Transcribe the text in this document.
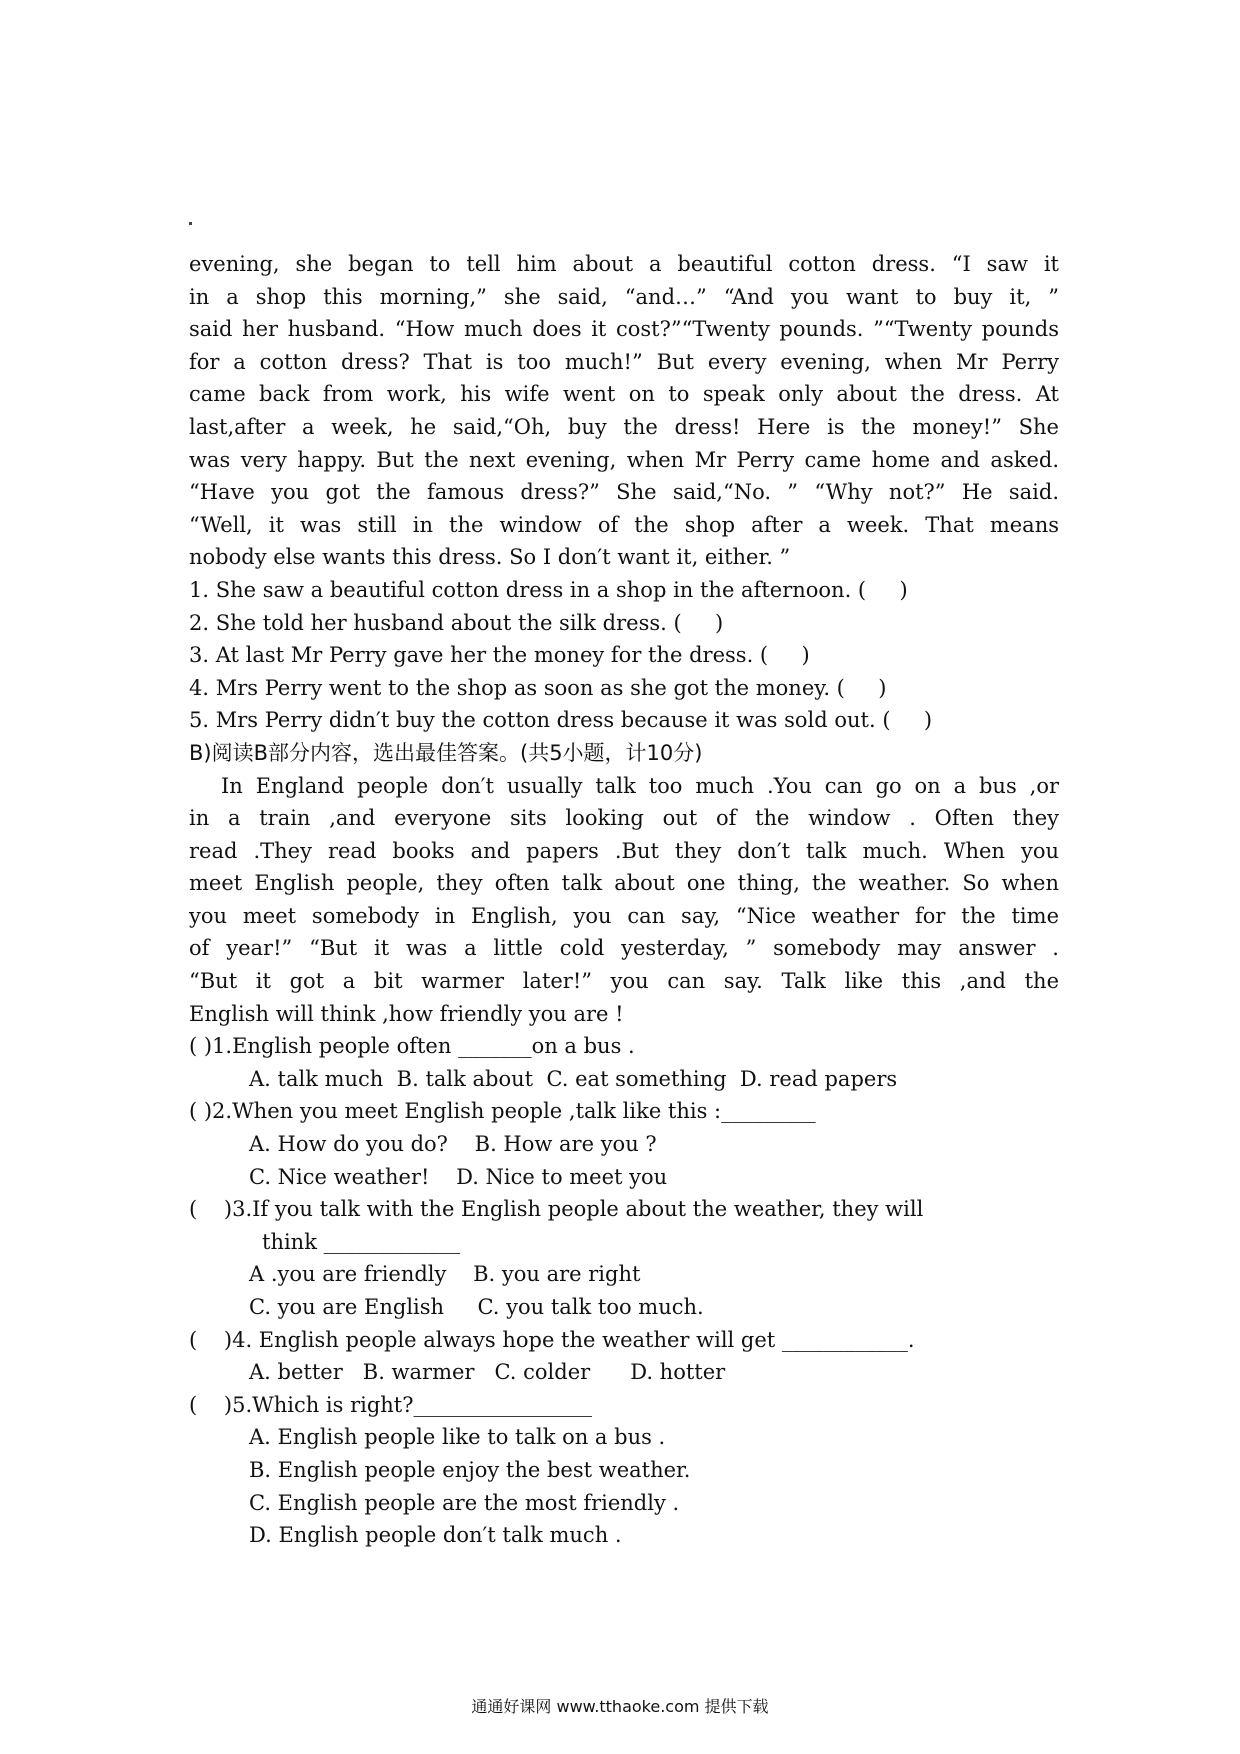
evening, she began to tell him about a beautiful cotton dress. “I saw it
in a shop this morning,” she said, “and…” “And you want to buy it, ”
said her husband. “How much does it cost?”“Twenty pounds. ”“Twenty pounds
for a cotton dress? That is too much!” But every evening, when Mr Perry
came back from work, his wife went on to speak only about the dress. At
last,after a week, he said,“Oh, buy the dress! Here is the money!” She
was very happy. But the next evening, when Mr Perry came home and asked.
“Have you got the famous dress?” She said,“No. ” “Why not?” He said.
“Well, it was still in the window of the shop after a week. That means
nobody else wants this dress. So I don′t want it, either. ”
1. She saw a beautiful cotton dress in a shop in the afternoon. (     )
2. She told her husband about the silk dress. (     )
3. At last Mr Perry gave her the money for the dress. (     )
4. Mrs Perry went to the shop as soon as she got the money. (     )
5. Mrs Perry didn′t buy the cotton dress because it was sold out. (     )
B)阅读B部分内容，选出最佳答案。(共5小题，计10分)
In England people don′t usually talk too much .You can go on a bus ,or
in a train ,and everyone sits looking out of the window . Often they
read .They read books and papers .But they don′t talk much. When you
meet English people, they often talk about one thing, the weather. So when
you meet somebody in English, you can say, “Nice weather for the time
of year!” “But it was a little cold yesterday, ” somebody may answer .
“But it got a bit warmer later!” you can say. Talk like this ,and the
English will think ,how friendly you are !
( )1.English people often _______on a bus .
A. talk much  B. talk about  C. eat something  D. read papers
( )2.When you meet English people ,talk like this :_________
A. How do you do?    B. How are you ?
C. Nice weather!    D. Nice to meet you
(    )3.If you talk with the English people about the weather, they will
think _____________
A .you are friendly    B. you are right
C. you are English     C. you talk too much.
(    )4. English people always hope the weather will get ____________.
A. better   B. warmer   C. colder      D. hotter
(    )5.Which is right?_________________
A. English people like to talk on a bus .
B. English people enjoy the best weather.
C. English people are the most friendly .
D. English people don′t talk much .
通通好课网 www.tthaoke.com 提供下载
